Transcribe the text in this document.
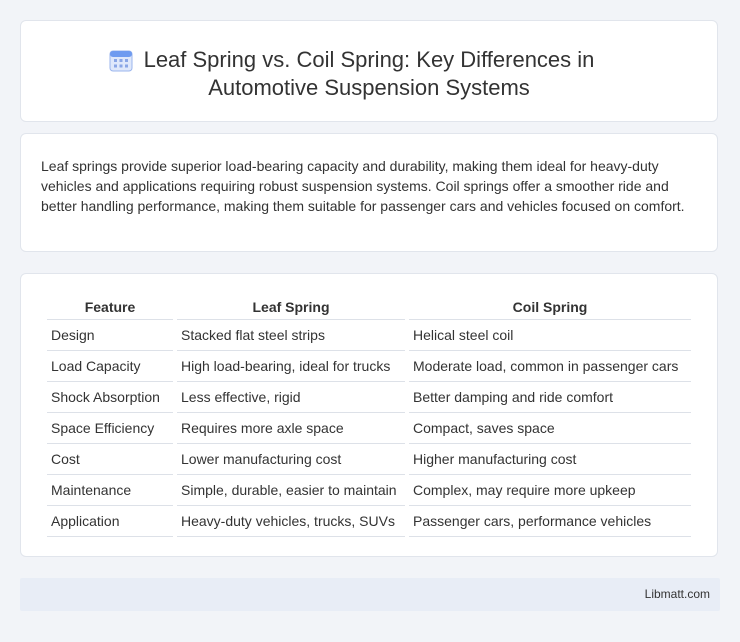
Leaf Spring vs. Coil Spring: Key Differences in
Automotive Suspension Systems

Leaf springs provide superior load-bearing capacity and durability, making them ideal for heavy-duty vehicles and applications requiring robust suspension systems. Coil springs offer a smoother ride and better handling performance, making them suitable for passenger cars and vehicles focused on comfort.

Feature	Leaf Spring	Coil Spring
Design	Stacked flat steel strips	Helical steel coil
Load Capacity	High load-bearing, ideal for trucks	Moderate load, common in passenger cars
Shock Absorption	Less effective, rigid	Better damping and ride comfort
Space Efficiency	Requires more axle space	Compact, saves space
Cost	Lower manufacturing cost	Higher manufacturing cost
Maintenance	Simple, durable, easier to maintain	Complex, may require more upkeep
Application	Heavy-duty vehicles, trucks, SUVs	Passenger cars, performance vehicles
Libmatt.com
